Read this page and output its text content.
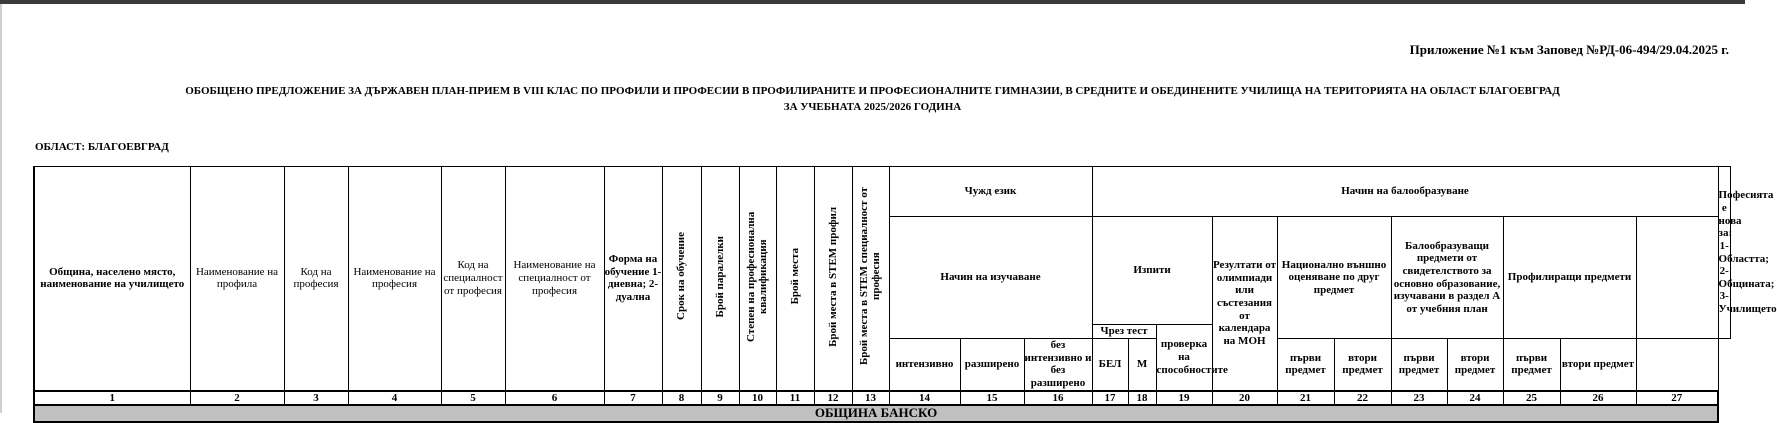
Приложение №1 към Заповед №РД-06-494/29.04.2025 г.
ОБОБЩЕНО ПРЕДЛОЖЕНИЕ ЗА ДЪРЖАВЕН ПЛАН-ПРИЕМ В VIII КЛАС ПО ПРОФИЛИ И ПРОФЕСИИ В ПРОФИЛИРАНИТЕ И ПРОФЕСИОНАЛНИТЕ ГИМНАЗИИ, В СРЕДНИТЕ И ОБЕДИНЕНИТЕ УЧИЛИЩА НА ТЕРИТОРИЯТА НА ОБЛАСТ БЛАГОЕВГРАД
ЗА УЧЕБНАТА 2025/2026 ГОДИНА
ОБЛАСТ: БЛАГОЕВГРАД
Община, населено място, наименование на училището	Наименование на профила	Код на професия	Наименование на професия	Код на специалност от професия	Наименование на специалност от професия	Форма на обучение 1-дневна; 2-дуална	Срок на обучение	Брой паралелки	Степен на професионална квалификация	Брой места	Брой места в STEM профил	Брой места в STEM специалност от професия	Чужд език			Начин на балообразуване											Пофесията е нова за: 1- Областта; 2-Общината; 3-Училището
													Начин на изучаване			Изпити			Резултати от олимпиади или състезания от календара на МОН	Национално външно оценяване по друг предмет		Балообразуващи предмети от свидетелството за основно образование, изучавани в раздел А от учебния план		Профилиращи предмети			
																Чрез тест		проверка на способностите									
													интензивно	разширено	без интензивно и без разширено	БЕЛ	М			първи предмет	втори предмет	първи предмет	втори предмет	първи предмет	втори предмет		
1	2	3	4	5	6	7	8	9	10	11	12	13	14	15	16	17	18	19	20	21	22	23	24	25	26	27	
ОБЩИНА БАНСКО																											
